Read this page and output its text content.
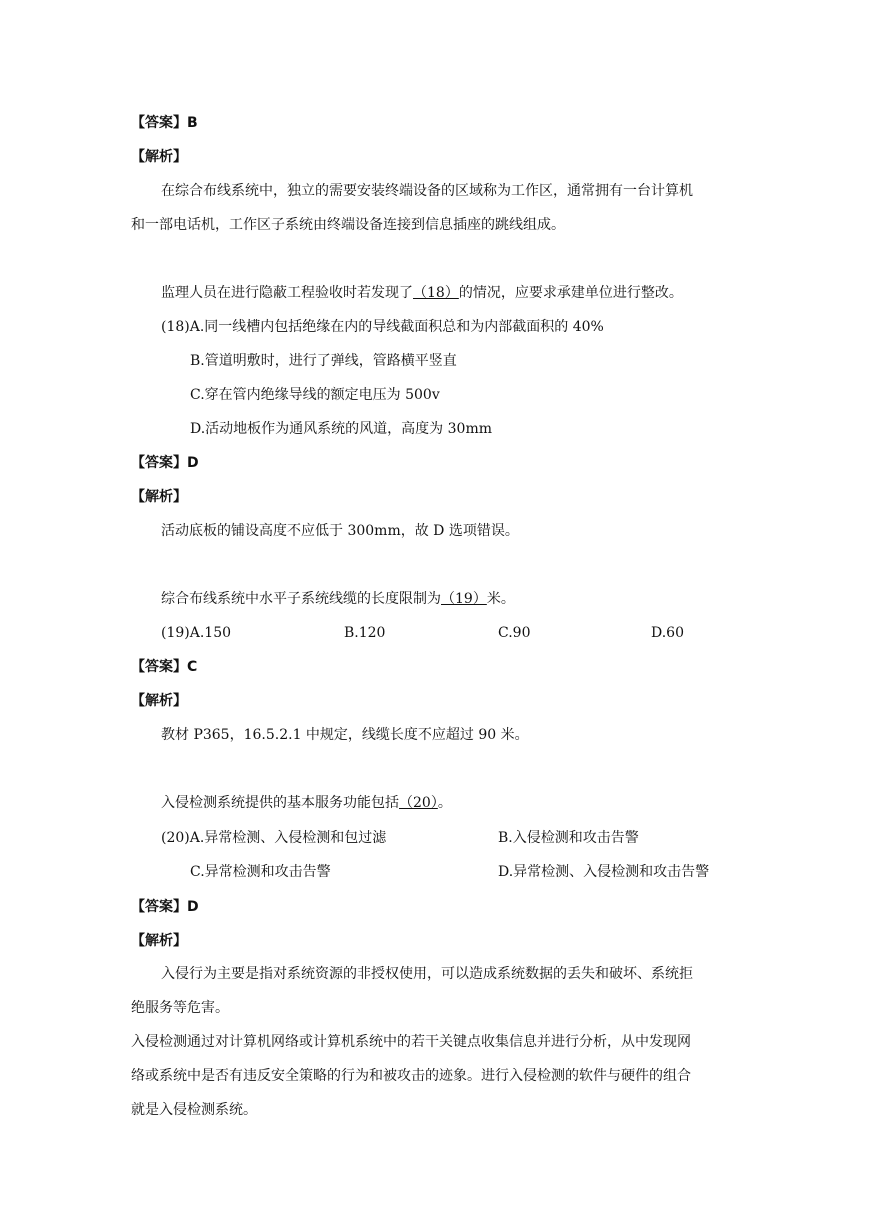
【答案】B
【解析】
在综合布线系统中，独立的需要安装终端设备的区域称为工作区，通常拥有一台计算机
和一部电话机，工作区子系统由终端设备连接到信息插座的跳线组成。
监理人员在进行隐蔽工程验收时若发现了（18）的情况，应要求承建单位进行整改。
(18)A.同一线槽内包括绝缘在内的导线截面积总和为内部截面积的 40%
B.管道明敷时，进行了弹线，管路横平竖直
C.穿在管内绝缘导线的额定电压为 500v
D.活动地板作为通风系统的风道，高度为 30mm
【答案】D
【解析】
活动底板的铺设高度不应低于 300mm，故 D 选项错误。
综合布线系统中水平子系统线缆的长度限制为（19）米。
(19)A.150	B.120	C.90	D.60
【答案】C
【解析】
教材 P365，16.5.2.1 中规定，线缆长度不应超过 90 米。
入侵检测系统提供的基本服务功能包括（20）。
(20)A.异常检测、入侵检测和包过滤	B.入侵检测和攻击告警
C.异常检测和攻击告警	D.异常检测、入侵检测和攻击告警
【答案】D
【解析】
入侵行为主要是指对系统资源的非授权使用，可以造成系统数据的丢失和破坏、系统拒
绝服务等危害。
入侵检测通过对计算机网络或计算机系统中的若干关键点收集信息并进行分析，从中发现网
络或系统中是否有违反安全策略的行为和被攻击的迹象。进行入侵检测的软件与硬件的组合
就是入侵检测系统。
